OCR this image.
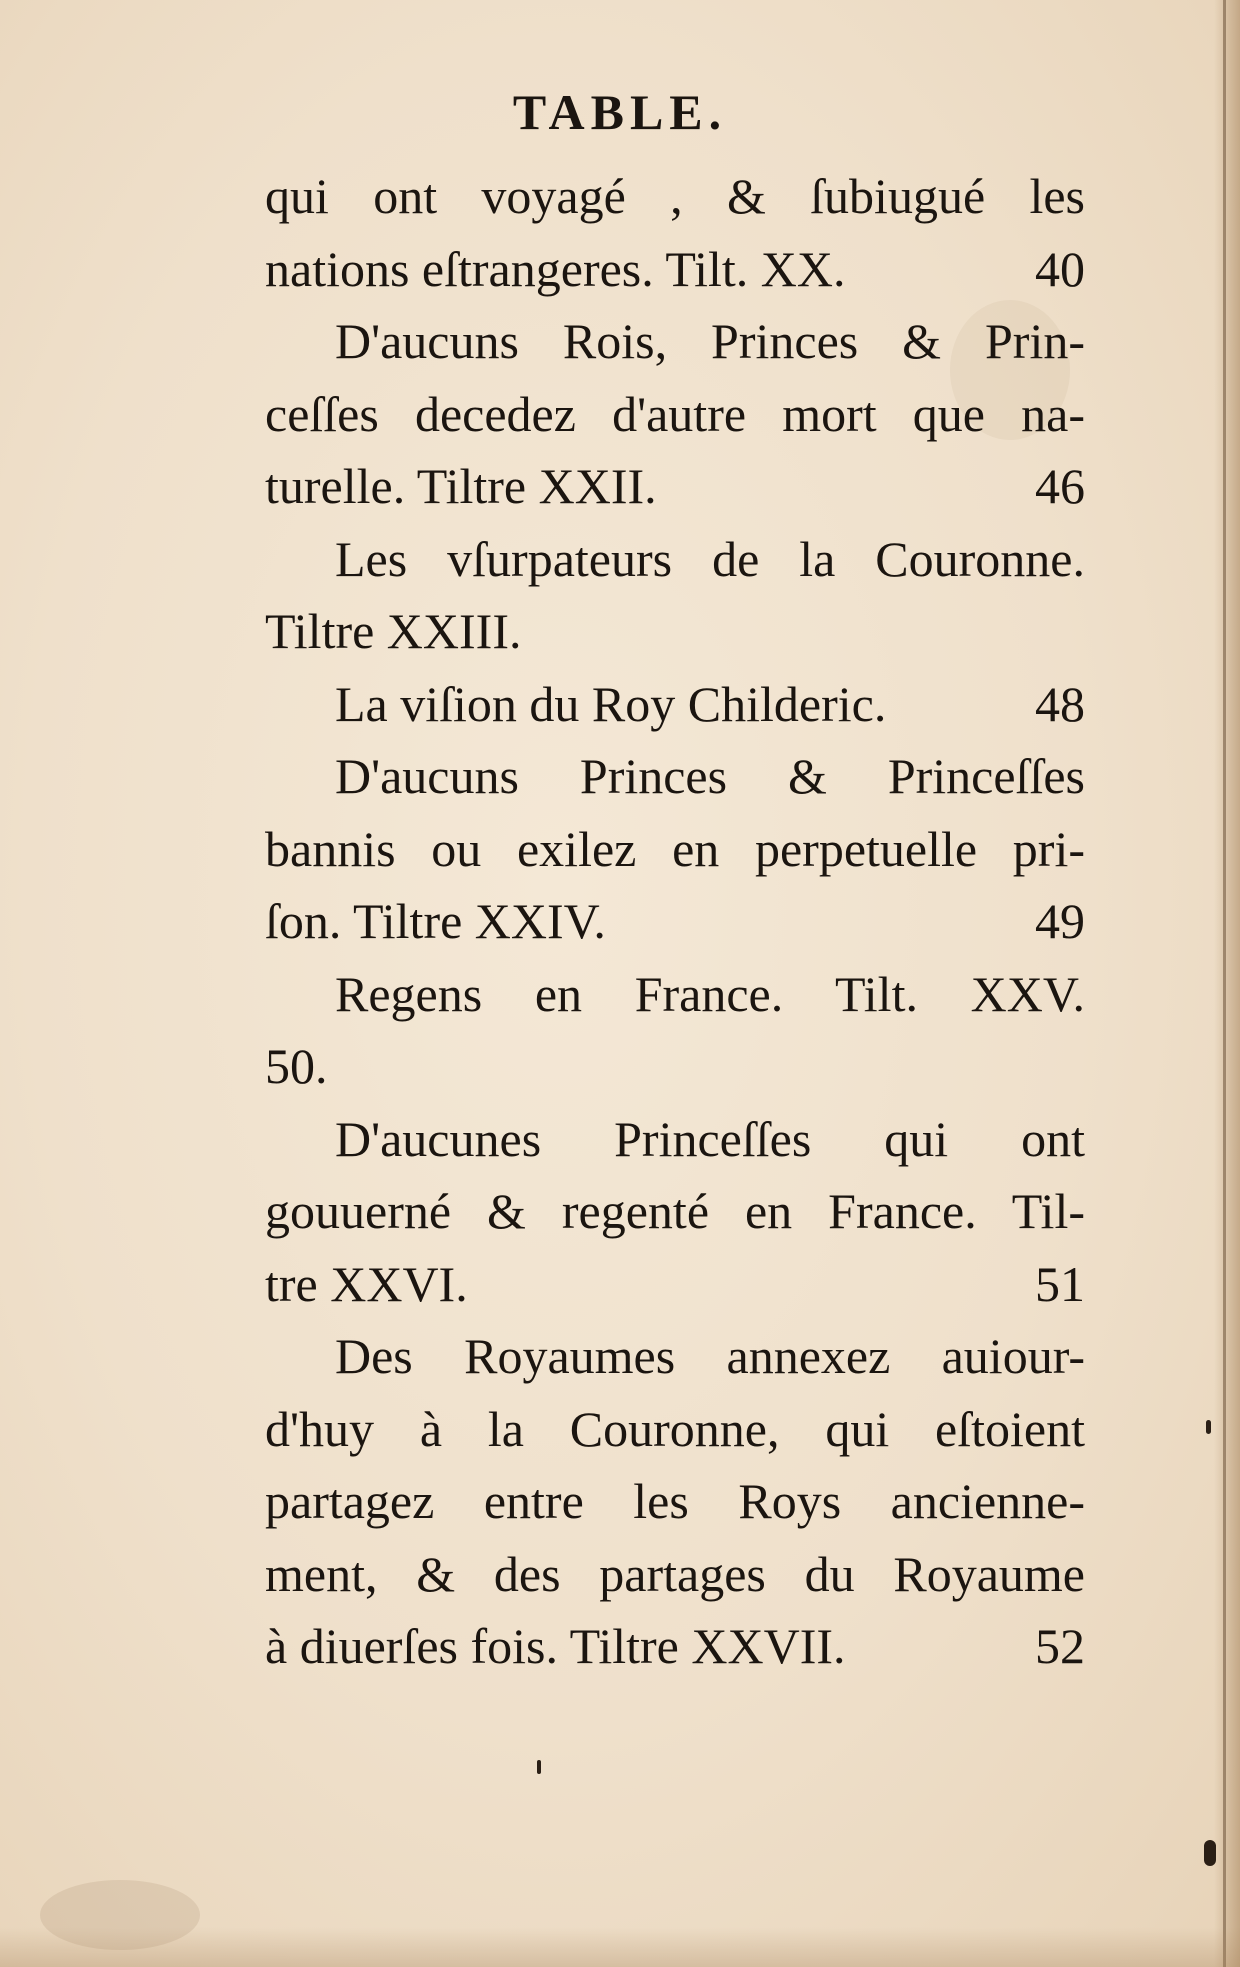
TABLE.
qui ont voyagé , & ſubiugué les
nations eſtrangeres. Tilt. XX.	40
D'aucuns Rois, Princes & Prin-
ceſſes decedez d'autre mort que na-
turelle. Tiltre XXII.	46
Les vſurpateurs de la Couronne.
Tiltre XXIII.
La viſion du Roy Childeric.	48
D'aucuns Princes & Princeſſes
bannis ou exilez en perpetuelle pri-
ſon. Tiltre XXIV.	49
Regens en France. Tilt. XXV.
50.
D'aucunes Princeſſes qui ont
gouuerné & regenté en France. Til-
tre XXVI.	51
Des Royaumes annexez auiour-
d'huy à la Couronne, qui eſtoient
partagez entre les Roys ancienne-
ment, & des partages du Royaume
à diuerſes fois. Tiltre XXVII.	52
